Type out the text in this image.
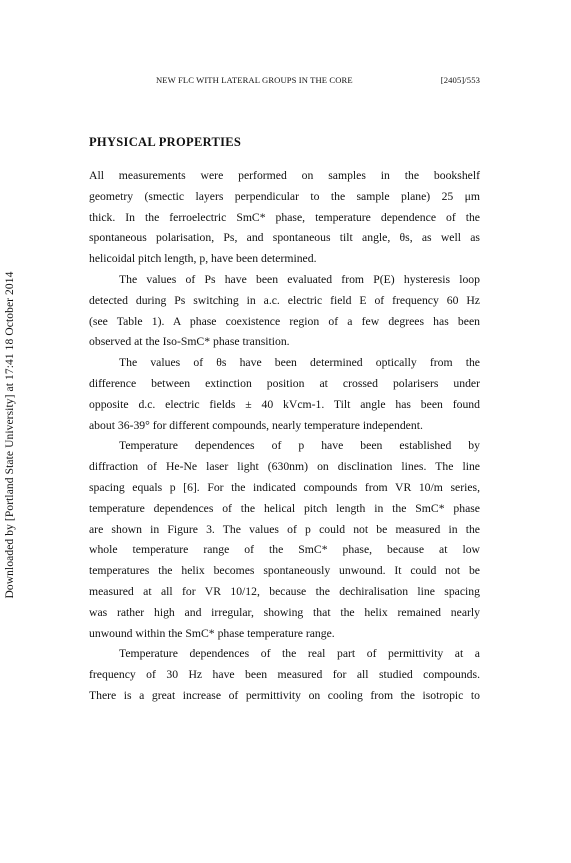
Downloaded by [Portland State University] at 17:41 18 October 2014
NEW FLC WITH LATERAL GROUPS IN THE CORE	[2405]/553
PHYSICAL PROPERTIES
All measurements were performed on samples in the bookshelf
geometry (smectic layers perpendicular to the sample plane) 25 μm
thick. In the ferroelectric SmC* phase, temperature dependence of the
spontaneous polarisation, Ps, and spontaneous tilt angle, θs, as well as
helicoidal pitch length, p, have been determined.
The values of Ps have been evaluated from P(E) hysteresis loop
detected during Ps switching in a.c. electric field E of frequency 60 Hz
(see Table 1). A phase coexistence region of a few degrees has been
observed at the Iso-SmC* phase transition.
The values of θs have been determined optically from the
difference between extinction position at crossed polarisers under
opposite d.c. electric fields ± 40 kVcm-1. Tilt angle has been found
about 36-39° for different compounds, nearly temperature independent.
Temperature dependences of p have been established by
diffraction of He-Ne laser light (630nm) on disclination lines. The line
spacing equals p [6]. For the indicated compounds from VR 10/m series,
temperature dependences of the helical pitch length in the SmC* phase
are shown in Figure 3. The values of p could not be measured in the
whole temperature range of the SmC* phase, because at low
temperatures the helix becomes spontaneously unwound. It could not be
measured at all for VR 10/12, because the dechiralisation line spacing
was rather high and irregular, showing that the helix remained nearly
unwound within the SmC* phase temperature range.
Temperature dependences of the real part of permittivity at a
frequency of 30 Hz have been measured for all studied compounds.
There is a great increase of permittivity on cooling from the isotropic to
